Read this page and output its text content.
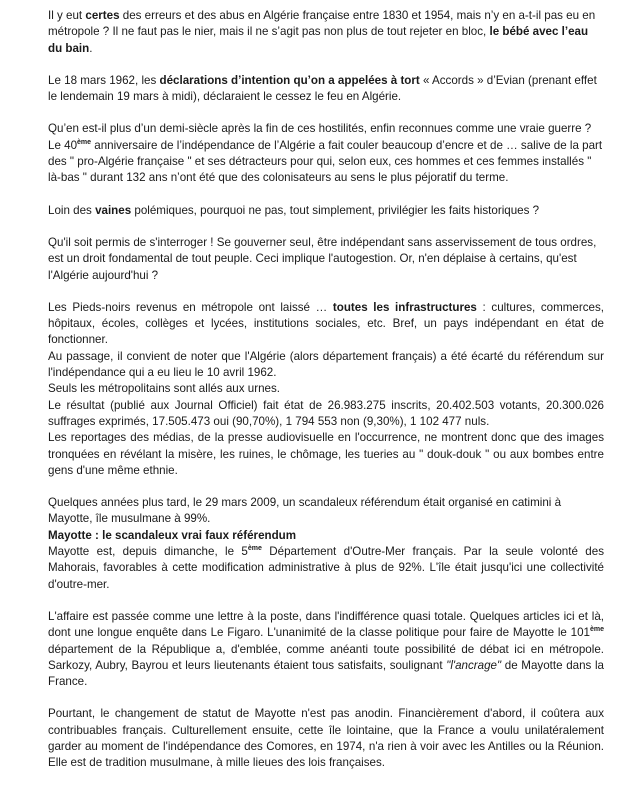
Il y eut certes des erreurs et des abus en Algérie française entre 1830 et 1954, mais n’y en a-t-il pas eu en métropole ? Il ne faut pas le nier, mais il ne s’agit pas non plus de tout rejeter en bloc, le bébé avec l’eau du bain.

Le 18 mars 1962, les déclarations d’intention qu’on a appelées à tort « Accords » d’Evian (prenant effet le lendemain 19 mars à midi), déclaraient le cessez le feu en Algérie.

Qu’en est-il plus d’un demi-siècle après la fin de ces hostilités, enfin reconnues comme une vraie guerre ?
Le 40ème anniversaire de l’indépendance de l’Algérie a fait couler beaucoup d’encre et de … salive de la part des " pro-Algérie française " et ses détracteurs pour qui, selon eux, ces hommes et ces femmes installés " là-bas " durant 132 ans n’ont été que des colonisateurs au sens le plus péjoratif du terme.

Loin des vaines polémiques, pourquoi ne pas, tout simplement, privilégier les faits historiques ?

Qu'il soit permis de s'interroger ! Se gouverner seul, être indépendant sans asservissement de tous ordres, est un droit fondamental de tout peuple. Ceci implique l'autogestion. Or, n'en déplaise à certains, qu'est l'Algérie aujourd'hui ?

Les Pieds-noirs revenus en métropole ont laissé … toutes les infrastructures : cultures, commerces, hôpitaux, écoles, collèges et lycées, institutions sociales, etc. Bref, un pays indépendant en état de fonctionner.
Au passage, il convient de noter que l'Algérie (alors département français) a été écarté du référendum sur l'indépendance qui a eu lieu le 10 avril 1962.
Seuls les métropolitains sont allés aux urnes.
Le résultat (publié aux Journal Officiel) fait état de 26.983.275 inscrits, 20.402.503 votants, 20.300.026 suffrages exprimés, 17.505.473 oui (90,70%), 1 794 553 non (9,30%), 1 102 477 nuls.
Les reportages des médias, de la presse audiovisuelle en l'occurrence, ne montrent donc que des images tronquées en révélant la misère, les ruines, le chômage, les tueries au " douk-douk " ou aux bombes entre gens d'une même ethnie.

Quelques années plus tard, le 29 mars 2009, un scandaleux référendum était organisé en catimini à Mayotte, île musulmane à 99%.

Mayotte : le scandaleux vrai faux référendum

Mayotte est, depuis dimanche, le 5ème Département d'Outre-Mer français. Par la seule volonté des Mahorais, favorables à cette modification administrative à plus de 92%. L'île était jusqu'ici une collectivité d'outre-mer.

L'affaire est passée comme une lettre à la poste, dans l'indifférence quasi totale. Quelques articles ici et là, dont une longue enquête dans Le Figaro. L'unanimité de la classe politique pour faire de Mayotte le 101ème département de la République a, d'emblée, comme anéanti toute possibilité de débat ici en métropole. Sarkozy, Aubry, Bayrou et leurs lieutenants étaient tous satisfaits, soulignant "l'ancrage" de Mayotte dans la France.

Pourtant, le changement de statut de Mayotte n'est pas anodin. Financièrement d'abord, il coûtera aux contribuables français. Culturellement ensuite, cette île lointaine, que la France a voulu unilatéralement garder au moment de l'indépendance des Comores, en 1974, n'a rien à voir avec les Antilles ou la Réunion. Elle est de tradition musulmane, à mille lieues des lois françaises.
